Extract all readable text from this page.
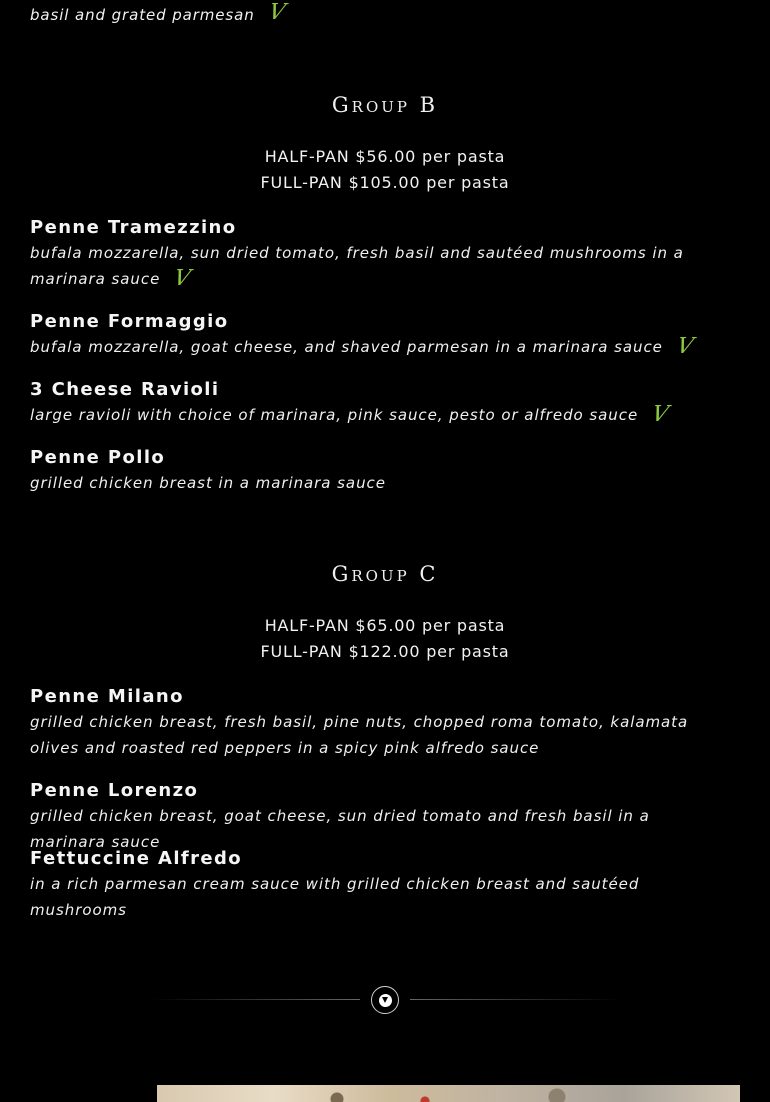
basil and grated parmesan V
Group B
HALF-PAN $56.00 per pasta
FULL-PAN $105.00 per pasta
Penne Tramezzino
bufala mozzarella, sun dried tomato, fresh basil and sautéed mushrooms in a marinara sauce V
Penne Formaggio
bufala mozzarella, goat cheese, and shaved parmesan in a marinara sauce V
3 Cheese Ravioli
large ravioli with choice of marinara, pink sauce, pesto or alfredo sauce V
Penne Pollo
grilled chicken breast in a marinara sauce
Group C
HALF-PAN $65.00 per pasta
FULL-PAN $122.00 per pasta
Penne Milano
grilled chicken breast, fresh basil, pine nuts, chopped roma tomato, kalamata olives and roasted red peppers in a spicy pink alfredo sauce
Penne Lorenzo
grilled chicken breast, goat cheese, sun dried tomato and fresh basil in a marinara sauce
Fettuccine Alfredo
in a rich parmesan cream sauce with grilled chicken breast and sautéed mushrooms
